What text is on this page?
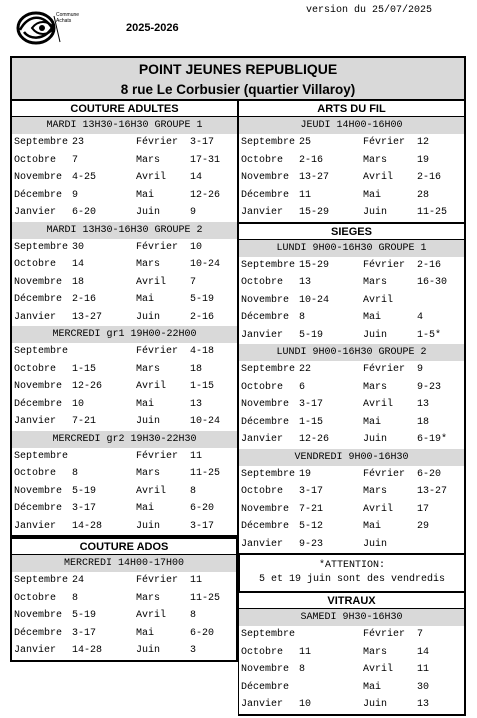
Commune Achats
2025-2026
version du 25/07/2025
POINT JEUNES REPUBLIQUE
8 rue Le Corbusier (quartier Villaroy)
COUTURE ADULTES
MARDI 13H30-16H30 GROUPE 1
Septembre 23	Février	3-17
Octobre	7	Mars	17-31
Novembre 4-25	Avril	14
Décembre 9	Mai	12-26
Janvier	6-20	Juin	9
MARDI 13H30-16H30 GROUPE 2
Septembre 30	Février	10
Octobre	14	Mars	10-24
Novembre 18	Avril	7
Décembre 2-16	Mai	5-19
Janvier	13-27	Juin	2-16
MERCREDI gr1 19H00-22H00
Septembre	Février	4-18
Octobre	1-15	Mars	18
Novembre 12-26	Avril	1-15
Décembre 10	Mai	13
Janvier	7-21	Juin	10-24
MERCREDI gr2 19H30-22H30
Septembre	Février	11
Octobre	8	Mars	11-25
Novembre 5-19	Avril	8
Décembre 3-17	Mai	6-20
Janvier	14-28	Juin	3-17
COUTURE ADOS
MERCREDI 14H00-17H00
Septembre 24	Février	11
Octobre	8	Mars	11-25
Novembre 5-19	Avril	8
Décembre 3-17	Mai	6-20
Janvier	14-28	Juin	3
ARTS DU FIL
JEUDI 14H00-16H00
Septembre 25	Février	12
Octobre	2-16	Mars	19
Novembre 13-27	Avril	2-16
Décembre 11	Mai	28
Janvier	15-29	Juin	11-25
SIEGES
LUNDI 9H00-16H30 GROUPE 1
Septembre 15-29	Février	2-16
Octobre	13	Mars	16-30
Novembre 10-24	Avril
Décembre 8	Mai	4
Janvier	5-19	Juin	1-5*
LUNDI 9H00-16H30 GROUPE 2
Septembre 22	Février	9
Octobre	6	Mars	9-23
Novembre 3-17	Avril	13
Décembre 1-15	Mai	18
Janvier	12-26	Juin	6-19*
VENDREDI 9H00-16H30
Septembre 19	Février	6-20
Octobre	3-17	Mars	13-27
Novembre 7-21	Avril	17
Décembre 5-12	Mai	29
Janvier	9-23	Juin
*ATTENTION:
5 et 19 juin sont des vendredis
VITRAUX
SAMEDI 9H30-16H30
Septembre	Février	7
Octobre	11	Mars	14
Novembre 8	Avril	11
Décembre	Mai	30
Janvier	10	Juin	13
